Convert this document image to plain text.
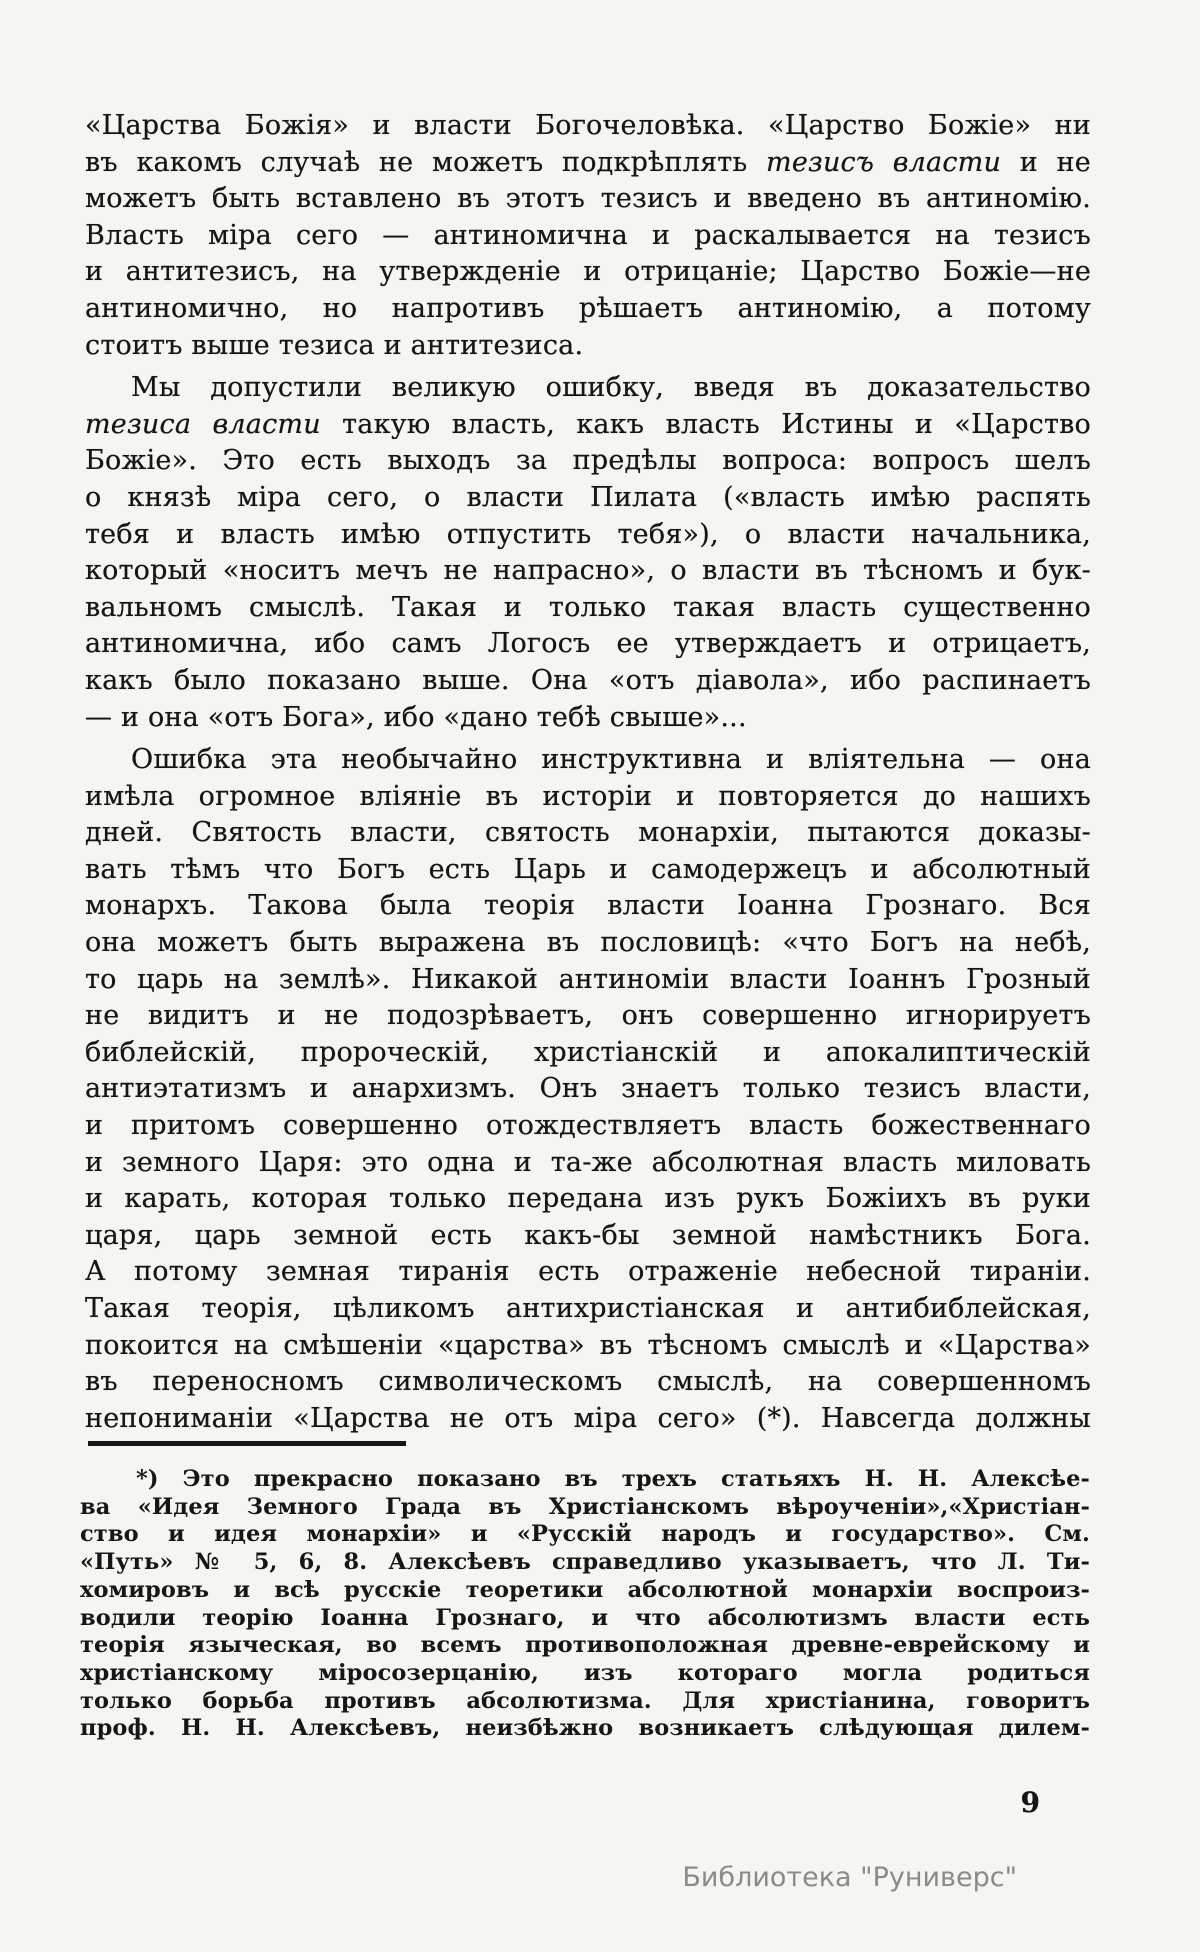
«Царства Божія» и власти Богочеловѣка. «Царство Божіе» ни
въ какомъ случаѣ не можетъ подкрѣплять тезисъ власти и не
можетъ быть вставлено въ этотъ тезисъ и введено въ антиномію.
Власть міра сего — антиномична и раскалывается на тезисъ
и антитезисъ, на утвержденіе и отрицаніе; Царство Божіе—не
антиномично, но напротивъ рѣшаетъ антиномію, а потому
стоитъ выше тезиса и антитезиса.
Мы допустили великую ошибку, введя въ доказательство
тезиса власти такую власть, какъ власть Истины и «Царство
Божіе». Это есть выходъ за предѣлы вопроса: вопросъ шелъ
о князѣ міра сего, о власти Пилата («власть имѣю распять
тебя и власть имѣю отпустить тебя»), о власти начальника,
который «носитъ мечъ не напрасно», о власти въ тѣсномъ и бук-
вальномъ смыслѣ. Такая и только такая власть существенно
антиномична, ибо самъ Логосъ ее утверждаетъ и отрицаетъ,
какъ было показано выше. Она «отъ діавола», ибо распинаетъ
— и она «отъ Бога», ибо «дано тебѣ свыше»...
Ошибка эта необычайно инструктивна и вліятельна — она
имѣла огромное вліяніе въ исторіи и повторяется до нашихъ
дней. Святость власти, святость монархіи, пытаются доказы-
вать тѣмъ что Богъ есть Царь и самодержецъ и абсолютный
монархъ. Такова была теорія власти Іоанна Грознаго. Вся
она можетъ быть выражена въ пословицѣ: «что Богъ на небѣ,
то царь на землѣ». Никакой антиноміи власти Іоаннъ Грозный
не видитъ и не подозрѣваетъ, онъ совершенно игнорируетъ
библейскій, пророческій, христіанскій и апокалиптическій
антиэтатизмъ и анархизмъ. Онъ знаетъ только тезисъ власти,
и притомъ совершенно отождествляетъ власть божественнаго
и земного Царя: это одна и та-же абсолютная власть миловать
и карать, которая только передана изъ рукъ Божіихъ въ руки
царя, царь земной есть какъ-бы земной намѣстникъ Бога.
А потому земная тиранія есть отраженіе небесной тираніи.
Такая теорія, цѣликомъ антихристіанская и антибиблейская,
покоится на смѣшеніи «царства» въ тѣсномъ смыслѣ и «Царства»
въ переносномъ символическомъ смыслѣ, на совершенномъ
непониманіи «Царства не отъ міра сего» (*). Навсегда должны
*) Это прекрасно показано въ трехъ статьяхъ Н. Н. Алексѣе-
ва «Идея Земного Града въ Христіанскомъ вѣроученіи»,«Христіан-
ство и идея монархіи» и «Русскій народъ и государство». См.
«Путь» № 5, 6, 8. Алексѣевъ справедливо указываетъ, что Л. Ти-
хомировъ и всѣ русскіе теоретики абсолютной монархіи воспроиз-
водили теорію Іоанна Грознаго, и что абсолютизмъ власти есть
теорія языческая, во всемъ противоположная древне-еврейскому и
христіанскому міросозерцанію, изъ котораго могла родиться
только борьба противъ абсолютизма. Для христіанина, говоритъ
проф. Н. Н. Алексѣевъ, неизбѣжно возникаетъ слѣдующая дилем-
9
Библиотека "Руниверс"
